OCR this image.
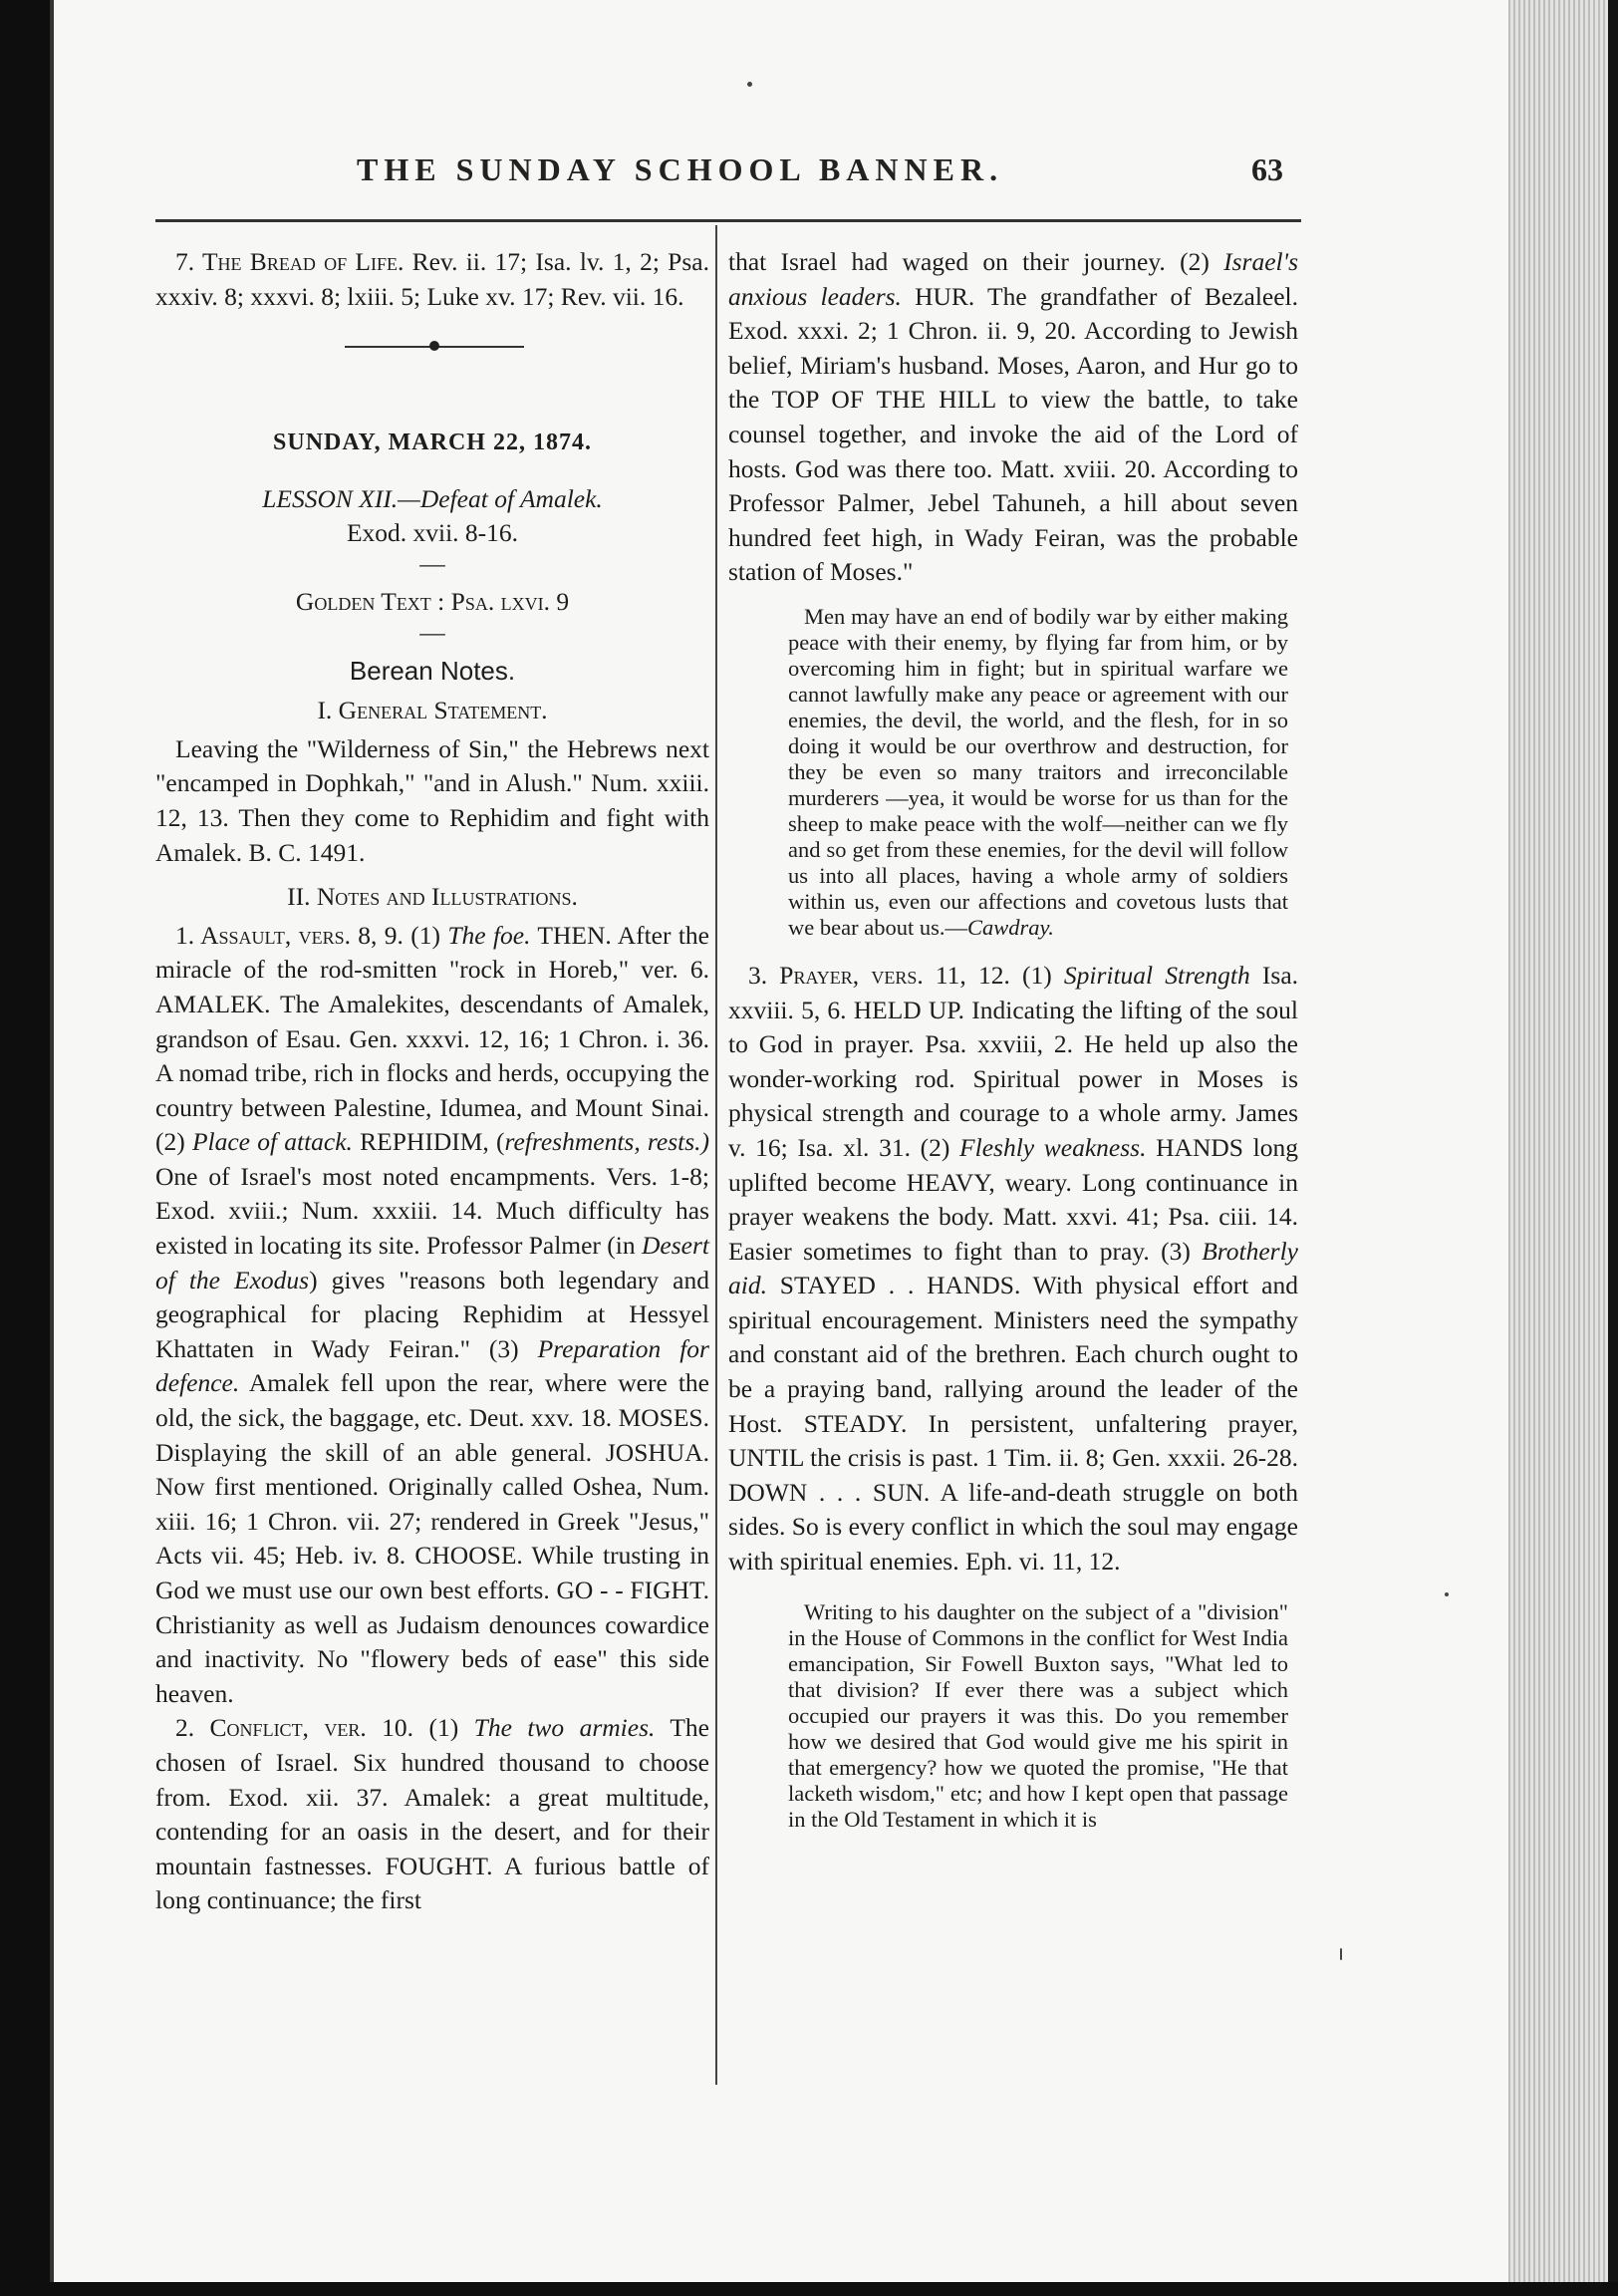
THE SUNDAY SCHOOL BANNER.	63

7. The Bread of Life. Rev. ii. 17; Isa. lv. 1, 2; Psa. xxxiv. 8; xxxvi. 8; lxiii. 5; Luke xv. 17; Rev. vii. 16.

SUNDAY, MARCH 22, 1874.

LESSON XII.—Defeat of Amalek.

Exod. xvii. 8-16.

—

Golden Text : Psa. lxvi. 9

—

Berean Notes.

I. General Statement.

Leaving the "Wilderness of Sin," the Hebrews next "encamped in Dophkah," "and in Alush." Num. xxiii. 12, 13. Then they come to Rephidim and fight with Amalek. B. C. 1491.

II. Notes and Illustrations.

1. Assault, vers. 8, 9. (1) The foe. THEN. After the miracle of the rod-smitten "rock in Horeb," ver. 6. AMALEK. The Amalekites, descendants of Amalek, grandson of Esau. Gen. xxxvi. 12, 16; 1 Chron. i. 36. A nomad tribe, rich in flocks and herds, occupying the country between Palestine, Idumea, and Mount Sinai. (2) Place of attack. REPHIDIM, (refreshments, rests.) One of Israel's most noted encampments. Vers. 1-8; Exod. xviii.; Num. xxxiii. 14. Much difficulty has existed in locating its site. Professor Palmer (in Desert of the Exodus) gives "reasons both legendary and geographical for placing Rephidim at Hessyel Khattaten in Wady Feiran." (3) Preparation for defence. Amalek fell upon the rear, where were the old, the sick, the baggage, etc. Deut. xxv. 18. MOSES. Displaying the skill of an able general. JOSHUA. Now first mentioned. Originally called Oshea, Num. xiii. 16; 1 Chron. vii. 27; rendered in Greek "Jesus," Acts vii. 45; Heb. iv. 8. CHOOSE. While trusting in God we must use our own best efforts. GO - - FIGHT. Christianity as well as Judaism denounces cowardice and inactivity. No "flowery beds of ease" this side heaven.

2. Conflict, ver. 10. (1) The two armies. The chosen of Israel. Six hundred thousand to choose from. Exod. xii. 37. Amalek: a great multitude, contending for an oasis in the desert, and for their mountain fastnesses. FOUGHT. A furious battle of long continuance; the first

that Israel had waged on their journey. (2) Israel's anxious leaders. HUR. The grandfather of Bezaleel. Exod. xxxi. 2; 1 Chron. ii. 9, 20. According to Jewish belief, Miriam's husband. Moses, Aaron, and Hur go to the TOP OF THE HILL to view the battle, to take counsel together, and invoke the aid of the Lord of hosts. God was there too. Matt. xviii. 20. According to Professor Palmer, Jebel Tahuneh, a hill about seven hundred feet high, in Wady Feiran, was the probable station of Moses."

Men may have an end of bodily war by either making peace with their enemy, by flying far from him, or by overcoming him in fight; but in spiritual warfare we cannot lawfully make any peace or agreement with our enemies, the devil, the world, and the flesh, for in so doing it would be our overthrow and destruction, for they be even so many traitors and irreconcilable murderers —yea, it would be worse for us than for the sheep to make peace with the wolf—neither can we fly and so get from these enemies, for the devil will follow us into all places, having a whole army of soldiers within us, even our affections and covetous lusts that we bear about us.—Cawdray.

3. Prayer, vers. 11, 12. (1) Spiritual Strength Isa. xxviii. 5, 6. HELD UP. Indicating the lifting of the soul to God in prayer. Psa. xxviii, 2. He held up also the wonder-working rod. Spiritual power in Moses is physical strength and courage to a whole army. James v. 16; Isa. xl. 31. (2) Fleshly weakness. HANDS long uplifted become HEAVY, weary. Long continuance in prayer weakens the body. Matt. xxvi. 41; Psa. ciii. 14. Easier sometimes to fight than to pray. (3) Brotherly aid. STAYED . . HANDS. With physical effort and spiritual encouragement. Ministers need the sympathy and constant aid of the brethren. Each church ought to be a praying band, rallying around the leader of the Host. STEADY. In persistent, unfaltering prayer, UNTIL the crisis is past. 1 Tim. ii. 8; Gen. xxxii. 26-28. DOWN . . . SUN. A life-and-death struggle on both sides. So is every conflict in which the soul may engage with spiritual enemies. Eph. vi. 11, 12.

Writing to his daughter on the subject of a "division" in the House of Commons in the conflict for West India emancipation, Sir Fowell Buxton says, "What led to that division? If ever there was a subject which occupied our prayers it was this. Do you remember how we desired that God would give me his spirit in that emergency? how we quoted the promise, "He that lacketh wisdom," etc; and how I kept open that passage in the Old Testament in which it is
